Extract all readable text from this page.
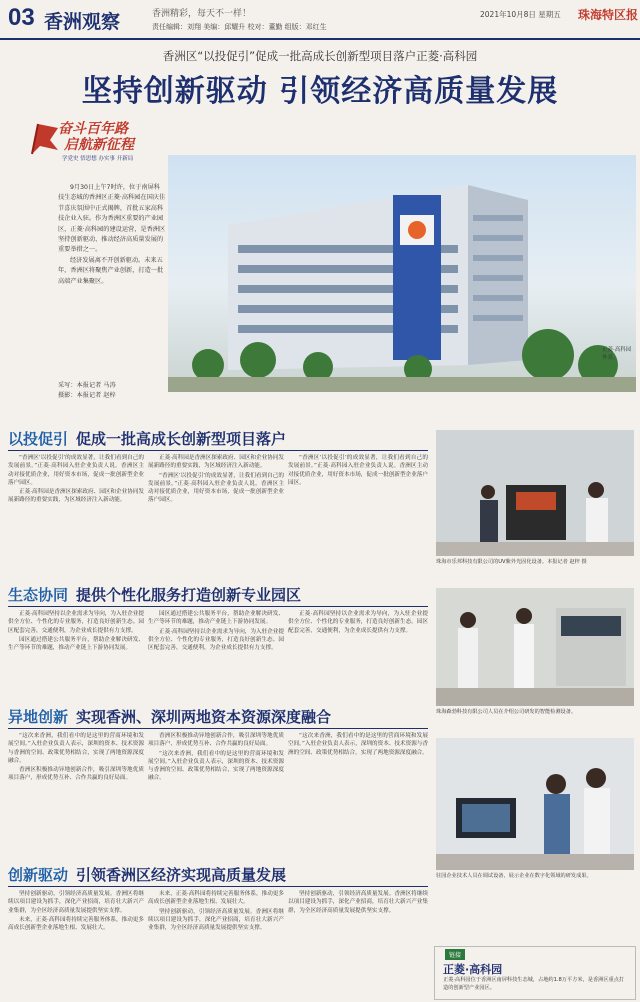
03 香洲观察	香洲精彩，每天不一样！
责任编辑：刘翔 美编：邱耀升 校对：董勤 组版：邓红生
2021年10月8日 星期五 珠海特区报
香洲区“以投促引”促成一批高成长创新型项目落户正菱·高科园
坚持创新驱动 引领经济高质量发展
奋斗百年路
启航新征程
学党史 悟思想 办实事 开新局

9月30日上午7时许，位于南屏科技生态城的香洲区正菱·高科园在国庆佳节喜庆氛围中正式揭牌，首批五家高科技企业入驻。作为香洲区重要的产业园区，正菱·高科园的建设运营，是香洲区坚持创新驱动、推动经济高质量发展的重要举措之一。

经济发展离不开创新驱动。未来五年，香洲区将聚焦产业创新，打造一批高端产业集聚区。

采写：本报记者 马涛
摄影：本报记者 赵梓
正菱·高科园外景。
以投促引 促成一批高成长创新型项目落户

“香洲区‘以投促引’的成效显著，让我们看到自己的发展前景。”正菱·高科园入驻企业负责人说。香洲区主动对接优质企业，用好资本市场，促成一批创新型企业落户园区。

正菱·高科园是香洲区探索政府、园区和企业协同发展新路径的重要实践，为区域经济注入新动能。

正菱·高科园是香洲区探索政府、园区和企业协同发展新路径的重要实践，为区域经济注入新动能。

“香洲区‘以投促引’的成效显著，让我们看到自己的发展前景。”正菱·高科园入驻企业负责人说。香洲区主动对接优质企业，用好资本市场，促成一批创新型企业落户园区。

“香洲区‘以投促引’的成效显著，让我们看到自己的发展前景。”正菱·高科园入驻企业负责人说。香洲区主动对接优质企业，用好资本市场，促成一批创新型企业落户园区。

珠海市乐邦科技有限公司的UV紫外光固化设备。本报记者 赵梓 摄
生态协同 提供个性化服务打造创新专业园区

正菱·高科园坚持以企业需求为导向，为入驻企业提供全方位、个性化的专业服务，打造良好创新生态。园区配套完善，交通便利，为企业成长提供有力支撑。

园区通过搭建公共服务平台，帮助企业解决研发、生产等环节的难题，推动产业链上下游协同发展。

园区通过搭建公共服务平台，帮助企业解决研发、生产等环节的难题，推动产业链上下游协同发展。

正菱·高科园坚持以企业需求为导向，为入驻企业提供全方位、个性化的专业服务，打造良好创新生态。园区配套完善，交通便利，为企业成长提供有力支撑。

正菱·高科园坚持以企业需求为导向，为入驻企业提供全方位、个性化的专业服务，打造良好创新生态。园区配套完善，交通便利，为企业成长提供有力支撑。

珠海森勃科技有限公司人员在介绍公司研发的智能检测设备。
异地创新 实现香洲、深圳两地资本资源深度融合

“这次来香洲，我们看中的是这里的营商环境和发展空间。”入驻企业负责人表示，深圳的资本、技术资源与香洲的空间、政策优势相结合，实现了两地资源深度融合。

香洲区积极推动异地创新合作，吸引深圳等地优质项目落户，形成优势互补、合作共赢的良好局面。

香洲区积极推动异地创新合作，吸引深圳等地优质项目落户，形成优势互补、合作共赢的良好局面。

“这次来香洲，我们看中的是这里的营商环境和发展空间。”入驻企业负责人表示，深圳的资本、技术资源与香洲的空间、政策优势相结合，实现了两地资源深度融合。

“这次来香洲，我们看中的是这里的营商环境和发展空间。”入驻企业负责人表示，深圳的资本、技术资源与香洲的空间、政策优势相结合，实现了两地资源深度融合。

驻园企业技术人员在调试设备，展示企业在数字化领域的研发成果。
创新驱动 引领香洲区经济实现高质量发展

坚持创新驱动，引领经济高质量发展。香洲区将继续以项目建设为抓手，深化产业招商，培育壮大新兴产业集群，为全区经济高质量发展提供坚实支撑。

未来，正菱·高科园将持续完善服务体系，推动更多高成长创新型企业落地生根、发展壮大。

未来，正菱·高科园将持续完善服务体系，推动更多高成长创新型企业落地生根、发展壮大。

坚持创新驱动，引领经济高质量发展。香洲区将继续以项目建设为抓手，深化产业招商，培育壮大新兴产业集群，为全区经济高质量发展提供坚实支撑。

坚持创新驱动，引领经济高质量发展。香洲区将继续以项目建设为抓手，深化产业招商，培育壮大新兴产业集群，为全区经济高质量发展提供坚实支撑。

链接
正菱·高科园
正菱·高科园位于香洲区南屏科技生态城，占地约1.8万平方米，是香洲区重点打造的创新型产业园区。
